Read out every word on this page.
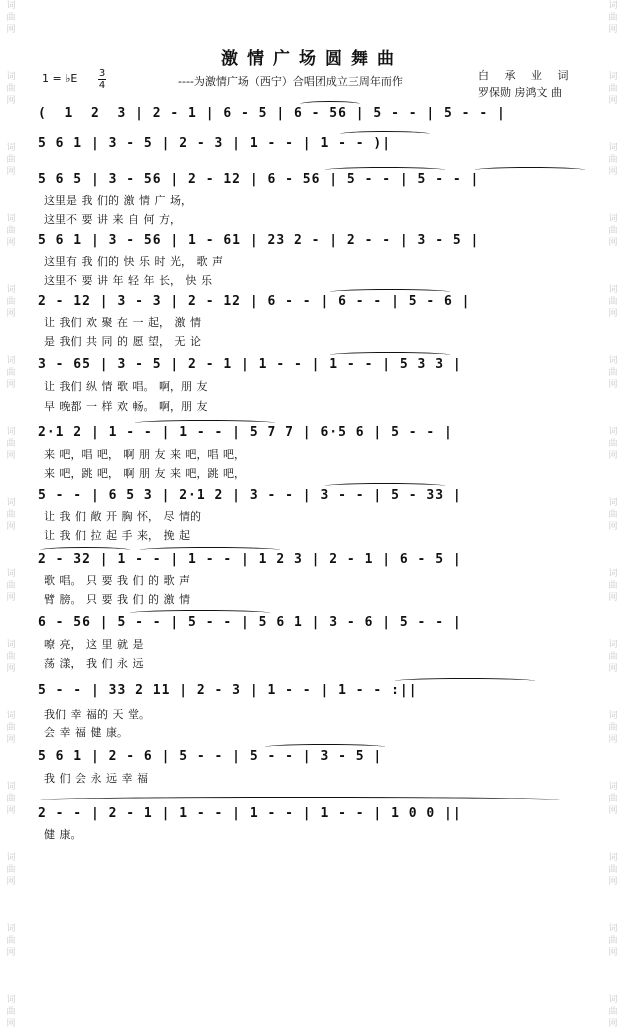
词
曲
网
词
曲
网
词
曲
网
词
曲
网
词
曲
网
词
曲
网
词
曲
网
词
曲
网
词
曲
网
词
曲
网
词
曲
网
词
曲
网
词
曲
网
词
曲
网
词
曲
网
词
曲
网
词
曲
网
词
曲
网
词
曲
网
词
曲
网
词
曲
网
词
曲
网
词
曲
网
词
曲
网
词
曲
网
词
曲
网
词
曲
网
词
曲
网
词
曲
网
词
曲
网
激情广场圆舞曲
1 = ♭E 3
4	----为激情广场（西宁）合唱团成立三周年而作	白 承 业 词
罗保勋 房鸿文 曲
(  1  2  3 | 2 - 1 | 6 - 5 | 6 - 56 | 5 - - | 5 - - |
5 6 1 | 3 - 5 | 2 - 3 | 1 - - | 1 - - )|
5 6 5 | 3 - 56 | 2 - 12 | 6 - 56 | 5 - - | 5 - - |
这里是 我 们的 激 情 广 场，
这里不 要 讲 来 自 何 方，
5 6 1 | 3 - 56 | 1 - 61 | 23 2 - | 2 - - | 3 - 5 |
这里有 我 们的 快 乐 时 光， 歌 声
这里不 要 讲 年 轻 年 长， 快 乐
2 - 12 | 3 - 3 | 2 - 12 | 6 - - | 6 - - | 5 - 6 |
让 我们 欢 聚 在 一 起， 激 情
是 我们 共 同 的 愿 望， 无 论
3 - 65 | 3 - 5 | 2 - 1 | 1 - - | 1 - - | 5 3 3 |
让 我们 纵 情 歌 唱。 啊，朋 友
早 晚都 一 样 欢 畅。 啊，朋 友
2·1 2 | 1 - - | 1 - - | 5 7 7 | 6·5 6 | 5 - - |
来 吧，唱 吧， 啊 朋 友 来 吧，唱 吧，
来 吧，跳 吧， 啊 朋 友 来 吧，跳 吧，
5 - - | 6 5 3 | 2·1 2 | 3 - - | 3 - - | 5 - 33 |
让 我 们 敞 开 胸 怀， 尽 情的
让 我 们 拉 起 手 来， 挽 起
2 - 32 | 1 - - | 1 - - | 1 2 3 | 2 - 1 | 6 - 5 |
歌 唱。 只 要 我 们 的 歌 声
臂 膀。 只 要 我 们 的 激 情
6 - 56 | 5 - - | 5 - - | 5 6 1 | 3 - 6 | 5 - - |
嘹 亮， 这 里 就 是
荡 漾， 我 们 永 远
5 - - | 33 2 11 | 2 - 3 | 1 - - | 1 - - :||
我们 幸 福的 天 堂。
会 幸 福 健 康。
5 6 1 | 2 - 6 | 5 - - | 5 - - | 3 - 5 |
我 们 会 永 远 幸 福
2 - - | 2 - 1 | 1 - - | 1 - - | 1 - - | 1 0 0 ||
健 康。
